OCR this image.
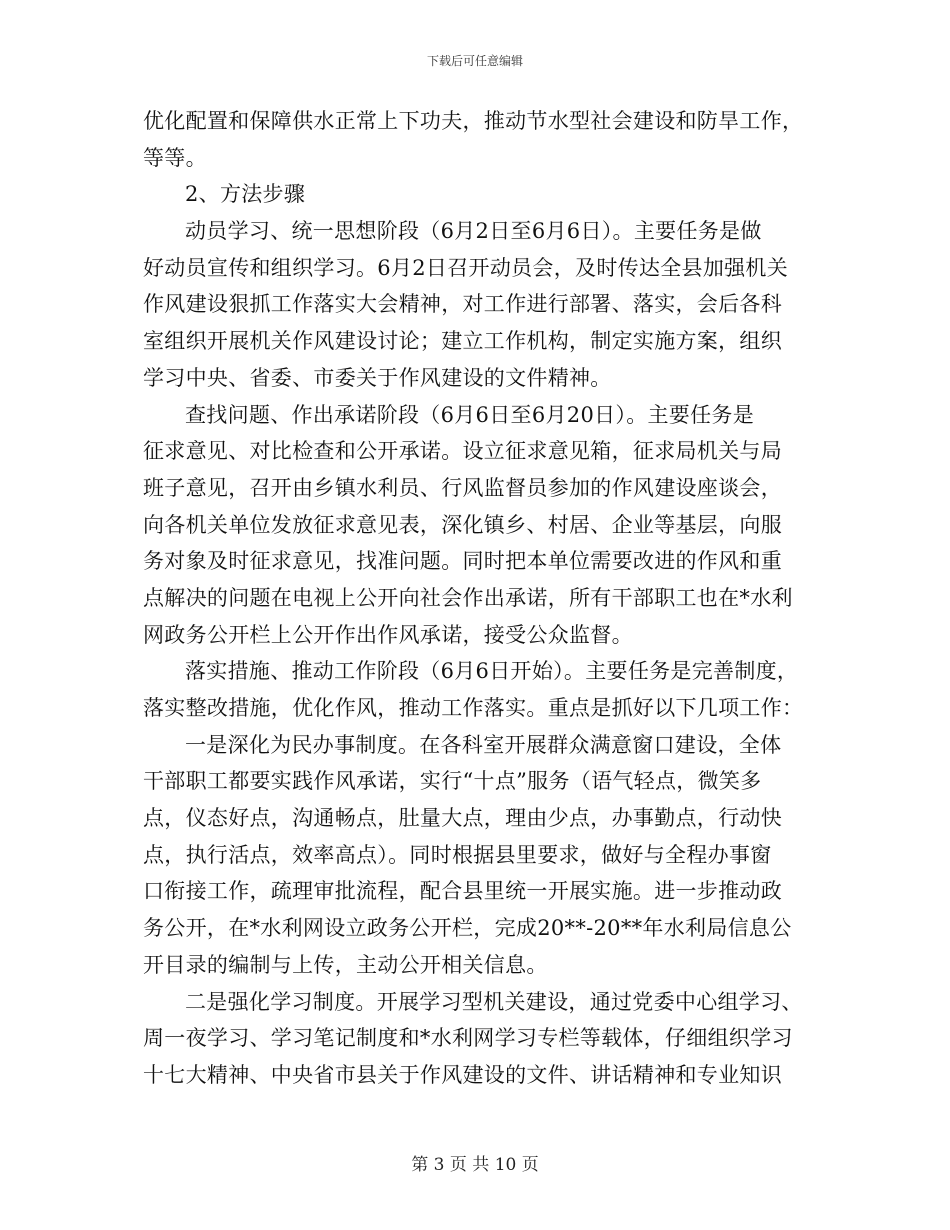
下载后可任意编辑
优化配置和保障供水正常上下功夫，推动节水型社会建设和防旱工作，
等等。
2、方法步骤
动员学习、统一思想阶段（6月2日至6月6日）。主要任务是做
好动员宣传和组织学习。6月2日召开动员会，及时传达全县加强机关
作风建设狠抓工作落实大会精神，对工作进行部署、落实，会后各科
室组织开展机关作风建设讨论；建立工作机构，制定实施方案，组织
学习中央、省委、市委关于作风建设的文件精神。
查找问题、作出承诺阶段（6月6日至6月20日）。主要任务是
征求意见、对比检查和公开承诺。设立征求意见箱，征求局机关与局
班子意见，召开由乡镇水利员、行风监督员参加的作风建设座谈会，
向各机关单位发放征求意见表，深化镇乡、村居、企业等基层，向服
务对象及时征求意见，找准问题。同时把本单位需要改进的作风和重
点解决的问题在电视上公开向社会作出承诺，所有干部职工也在*水利
网政务公开栏上公开作出作风承诺，接受公众监督。
落实措施、推动工作阶段（6月6日开始）。主要任务是完善制度，
落实整改措施，优化作风，推动工作落实。重点是抓好以下几项工作：
一是深化为民办事制度。在各科室开展群众满意窗口建设，全体
干部职工都要实践作风承诺，实行“十点”服务（语气轻点，微笑多
点，仪态好点，沟通畅点，肚量大点，理由少点，办事勤点，行动快
点，执行活点，效率高点）。同时根据县里要求，做好与全程办事窗
口衔接工作，疏理审批流程，配合县里统一开展实施。进一步推动政
务公开，在*水利网设立政务公开栏，完成20**-20**年水利局信息公
开目录的编制与上传，主动公开相关信息。
二是强化学习制度。开展学习型机关建设，通过党委中心组学习、
周一夜学习、学习笔记制度和*水利网学习专栏等载体，仔细组织学习
十七大精神、中央省市县关于作风建设的文件、讲话精神和专业知识
第 3 页 共 10 页
